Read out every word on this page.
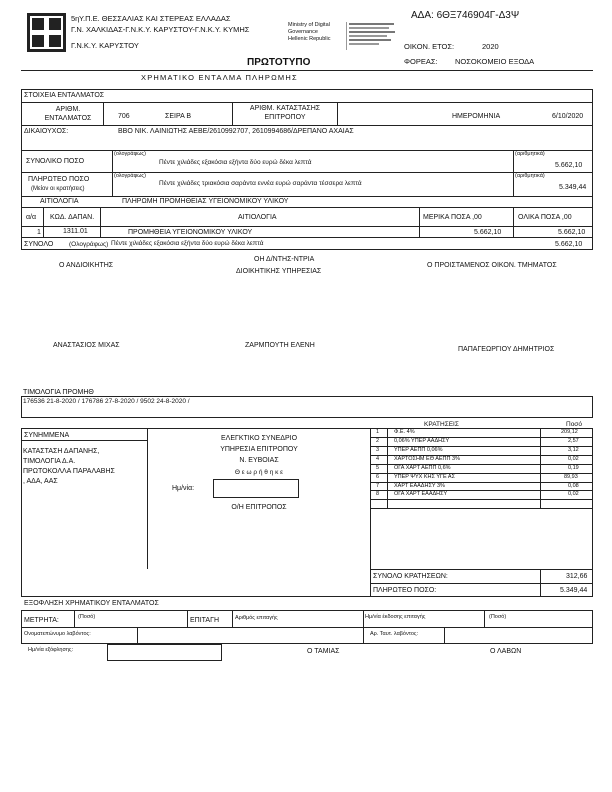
5η Υ.Π.Ε. ΘΕΣΣΑΛΙΑΣ ΚΑΙ ΣΤΕΡΕΑΣ ΕΛΛΑΔΑΣ
Γ.Ν. ΧΑΛΚΙΔΑΣ-Γ.Ν.Κ.Υ. ΚΑΡΥΣΤΟΥ-Γ.Ν.Κ.Υ. ΚΥΜΗΣ
Γ.Ν.Κ.Υ. ΚΑΡΥΣΤΟΥ
Ministry of Digital
Governance
Hellenic Republic
ΑΔΑ: 6ΘΞ746904Γ-Δ3Ψ
ΟΙΚΟΝ. ΕΤΟΣ:	2020
ΠΡΩΤΟΤΥΠΟ	ΦΟΡΕΑΣ: ΝΟΣΟΚΟΜΕΙΟ ΕΞΟΔΑ
ΧΡΗΜΑΤΙΚΟ ΕΝΤΑΛΜΑ ΠΛΗΡΩΜΗΣ
ΣΤΟΙΧΕΙΑ ΕΝΤΑΛΜΑΤΟΣ
ΑΡΙΘΜ. ΕΝΤΑΛΜΑΤΟΣ	706	ΣΕΙΡΑ Β
ΑΡΙΘΜ. ΚΑΤΑΣΤΑΣΗΣ ΕΠΙΤΡΟΠΟΥ	ΗΜΕΡΟΜΗΝΙΑ	6/10/2020
ΔΙΚΑΙΟΥΧΟΣ:	ΒΒΟ ΝΙΚ. ΛΑΙΝΙΩΤΗΣ ΑΕΒΕ/2610992707, 2610994686/ΔΡΕΠΑΝΟ ΑΧΑΙΑΣ
ΣΥΝΟΛΙΚΟ ΠΟΣΟ
(ολογράφως)
Πέντε χιλιάδες εξακόσια εξήντα δύο ευρώ δέκα λεπτά
(αριθμητικά)
5.662,10
ΠΛΗΡΩΤΕΟ ΠΟΣΟ
(Μείον οι κρατήσεις)
(ολογράφως)
Πέντε χιλιάδες τριακόσια σαράντα εννέα ευρώ σαράντα τέσσερα λεπτά
(αριθμητικά)
5.349,44
ΑΙΤΙΟΛΟΓΙΑ	ΠΛΗΡΩΜΗ ΠΡΟΜΗΘΕΙΑΣ ΥΓΕΙΟΝΟΜΙΚΟΥ ΥΛΙΚΟΥ
α/α ΚΩΔ. ΔΑΠΑΝ.	ΑΙΤΙΟΛΟΓΙΑ	ΜΕΡΙΚΑ ΠΟΣΑ ,00	ΟΛΙΚΑ ΠΟΣΑ ,00
1	1311.01	ΠΡΟΜΗΘΕΙΑ ΥΓΕΙΟΝΟΜΙΚΟΥ ΥΛΙΚΟΥ	5.662,10	5.662,10
ΣΥΝΟΛΟ (Ολογράφως) Πέντε χιλιάδες εξακόσια εξήντα δύο ευρώ δέκα λεπτά	5.662,10
Ο ΑΝΔΙΟΙΚΗΤΗΣ
ΟΗ Δ/ΝΤΗΣ-ΝΤΡΙΑ
ΔΙΟΙΚΗΤΙΚΗΣ ΥΠΗΡΕΣΙΑΣ
Ο ΠΡΟΙΣΤΑΜΕΝΟΣ ΟΙΚΟΝ. ΤΜΗΜΑΤΟΣ
ΑΝΑΣΤΑΣΙΟΣ ΜΙΧΑΣ	ΖΑΡΜΠΟΥΤΗ ΕΛΕΝΗ
ΠΑΠΑΓΕΩΡΓΙΟΥ ΔΗΜΗΤΡΙΟΣ
ΤΙΜΟΛΟΓΙΑ ΠΡΟΜΗΘ
176536 21-8-2020 / 176786 27-8-2020 / 9502 24-8-2020 /
ΚΡΑΤΗΣΕΙΣ	Ποσό
ΣΥΝΗΜΜΕΝΑ
ΚΑΤΑΣΤΑΣΗ ΔΑΠΑΝΗΣ,
ΤΙΜΟΛΟΓΙΑ Δ.Α.
ΠΡΩΤΟΚΟΛΛΑ ΠΑΡΑΛΑΒΗΣ
, ΑΔΑ, ΑΑΣ
ΕΛΕΓΚΤΙΚΟ ΣΥΝΕΔΡΙΟ
ΥΠΗΡΕΣΙΑ ΕΠΙΤΡΟΠΟΥ
Ν. ΕΥΒΟΙΑΣ
Θ ε ω ρ ή θ η κ ε
Ημ/νία:
Ο/Η ΕΠΙΤΡΟΠΟΣ
1	Φ.Ε. 4%	209,12
2	0,06% ΥΠΕΡ ΑΑΔΗΣΥ	2,57
3	ΥΠΕΡ ΑΕΠΠ 0,06%	3,12
4	ΧΑΡΤΟΣΗΜ ΕΘ ΑΕΠΠ 3%	0,02
5	ΟΓΑ ΧΑΡΤ ΑΕΠΠ 0,6%	0,19
6	ΥΠΕΡ ΨΥΧ ΚΗΣ ΥΓΕ ΑΣ	89,93
7	ΧΑΡΤ ΕΑΑΔΗΣΥ 3%	0,08
8	ΟΓΑ ΧΑΡΤ ΕΑΑΔΗΣΥ	0,02
ΣΥΝΟΛΟ ΚΡΑΤΗΣΕΩΝ:	312,66
ΠΛΗΡΩΤΕΟ ΠΟΣΟ:	5.349,44
ΕΞΟΦΛΗΣΗ ΧΡΗΜΑΤΙΚΟΥ ΕΝΤΑΛΜΑΤΟΣ
ΜΕΤΡΗΤΑ:	(Ποσό)	ΕΠΙΤΑΓΗ	Αριθμός επιταγής	Ημ/νία έκδοσης επιταγής	(Ποσό)
Ονοματεπώνυμο λαβόντος:	Αρ. Ταυτ. λαβόντος:
Ημ/νία εξόφλησης:	Ο ΤΑΜΙΑΣ	Ο ΛΑΒΩΝ
